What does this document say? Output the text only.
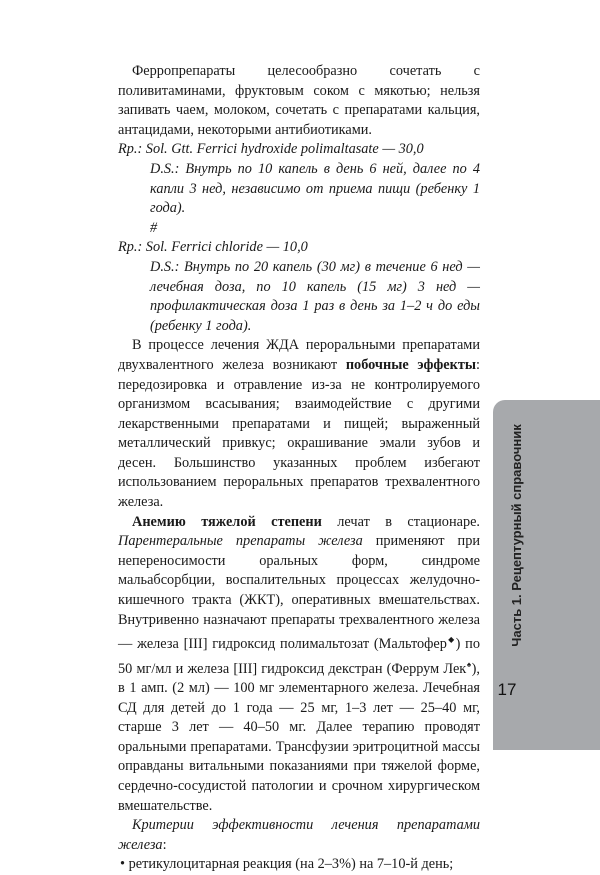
Ферропрепараты целесообразно сочетать с поливитаминами, фруктовым соком с мякотью; нельзя запивать чаем, молоком, сочетать с препаратами кальция, антацидами, некоторыми антибиотиками.

Rp.: Sol. Gtt. Ferrici hydroxide polimaltasate — 30,0
D.S.: Внутрь по 10 капель в день 6 ней, далее по 4 капли 3 нед, независимо от приема пищи (ребенку 1 года).
#
Rp.: Sol. Ferrici chloride — 10,0
D.S.: Внутрь по 20 капель (30 мг) в течение 6 нед — лечебная доза, по 10 капель (15 мг) 3 нед — профилактическая доза 1 раз в день за 1–2 ч до еды (ребенку 1 года).

В процессе лечения ЖДА пероральными препаратами двухвалентного железа возникают побочные эффекты: передозировка и отравление из-за не контролируемого организмом всасывания; взаимодействие с другими лекарственными препаратами и пищей; выраженный металлический привкус; окрашивание эмали зубов и десен. Большинство указанных проблем избегают использованием пероральных препаратов трехвалентного железа.

Анемию тяжелой степени лечат в стационаре. Парентеральные препараты железа применяют при непереносимости оральных форм, синдроме мальабсорбции, воспалительных процессах желудочно-кишечного тракта (ЖКТ), оперативных вмешательствах. Внутривенно назначают препараты трехвалентного железа — железа [III] гидроксид полимальтозат (Мальтофер◆) по 50 мг/мл и железа [III] гидроксид декстран (Феррум Лек♠), в 1 амп. (2 мл) — 100 мг элементарного железа. Лечебная СД для детей до 1 года — 25 мг, 1–3 лет — 25–40 мг, старше 3 лет — 40–50 мг. Далее терапию проводят оральными препаратами. Трансфузии эритроцитной массы оправданы витальными показаниями при тяжелой форме, сердечно-сосудистой патологии и срочном хирургическом вмешательстве.

Критерии эффективности лечения препаратами железа:

• ретикулоцитарная реакция (на 2–3%) на 7–10-й день;

Часть 1. Рецептурный справочник
17
